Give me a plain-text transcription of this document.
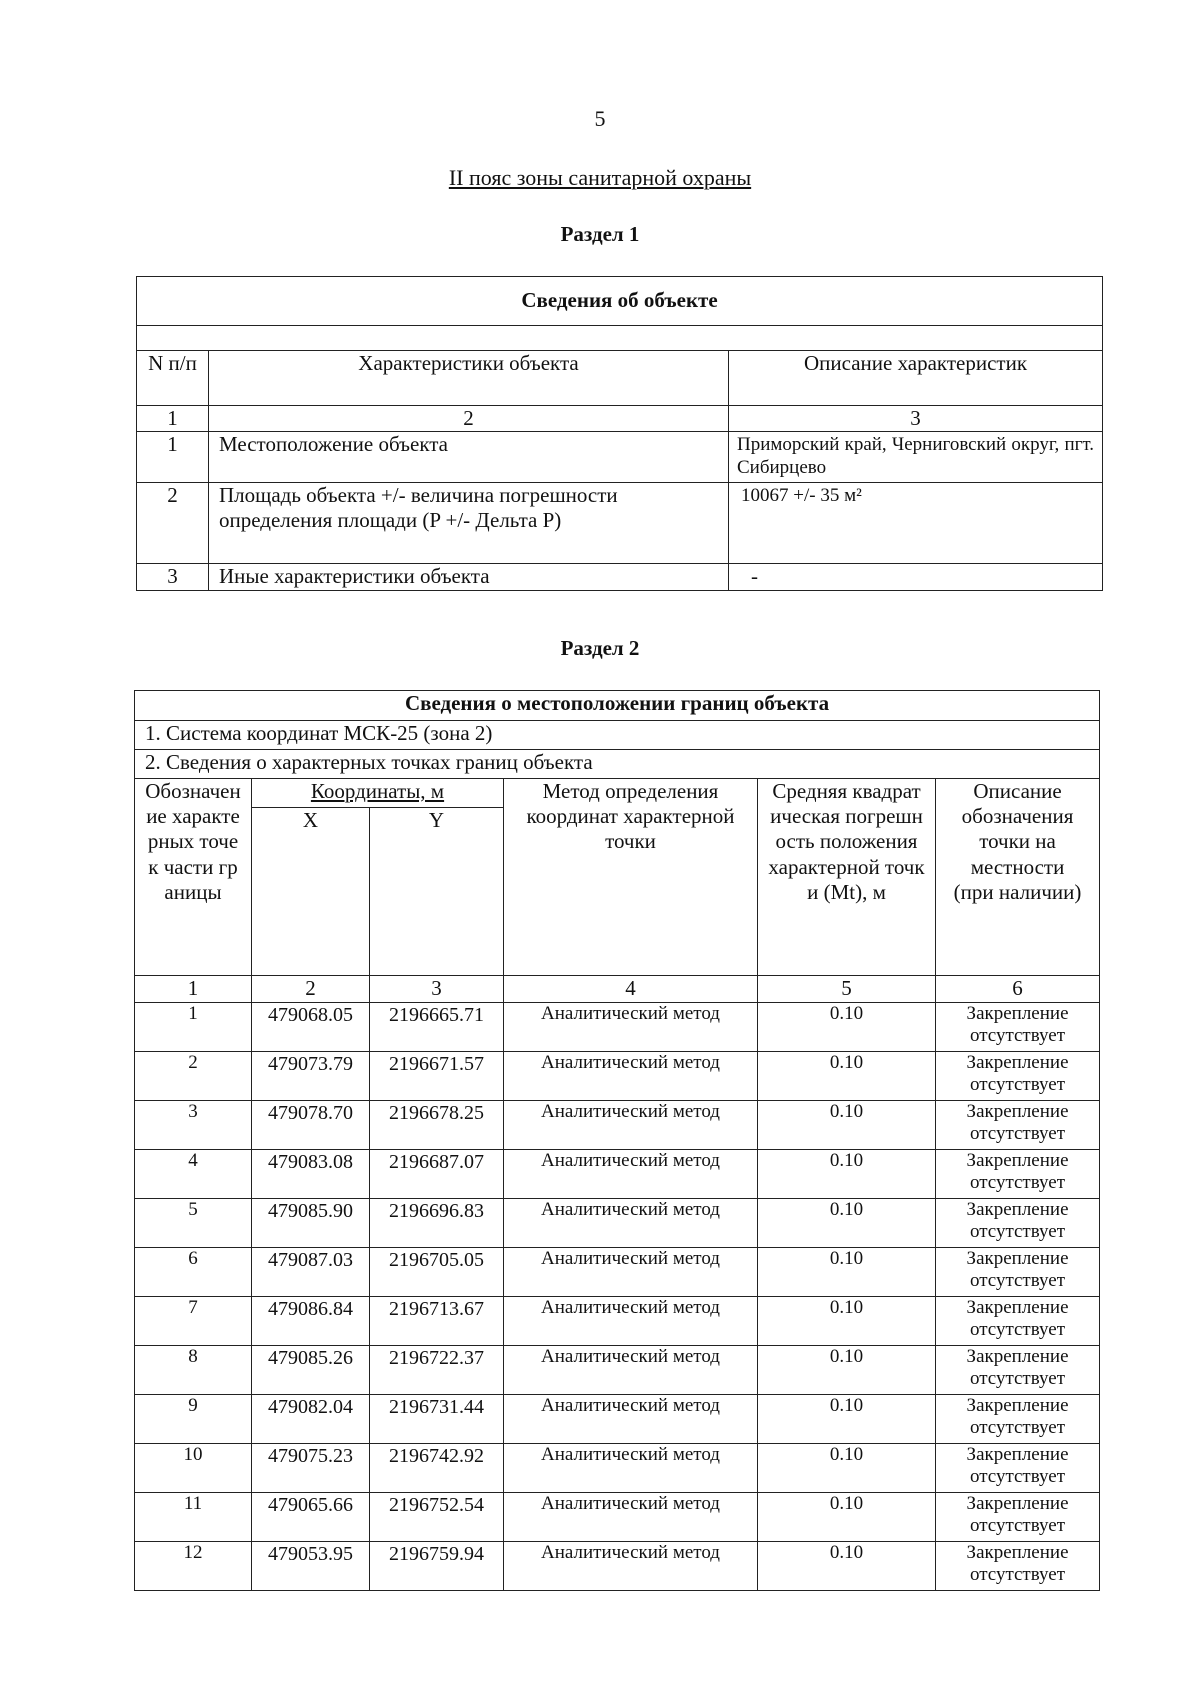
5
II пояс зоны санитарной охраны
Раздел 1
Сведения об объекте		

N п/п	Характеристики объекта	Описание характеристик
1	2	3
1	Местоположение объекта	Приморский край, Черниговский округ, пгт. Сибирцево
2	Площадь объекта +/- величина погрешности определения площади (P +/- Дельта P)	10067 +/- 35 м²
3	Иные характеристики объекта	-
Раздел 2
Сведения о местоположении границ объекта					
1. Система координат МСК-25 (зона 2)					
2. Сведения о характерных точках границ объекта					
Обозначение характерных точек части границы	Координаты, м		Метод определения координат характерной точки	Средняя квадратическая погрешность положения характерной точки (Mt), м	Описание обозначения точки на местности (при наличии)
	X	Y			
1	2	3	4	5	6
1	479068.05	2196665.71	Аналитический метод	0.10	Закрепление отсутствует
2	479073.79	2196671.57	Аналитический метод	0.10	Закрепление отсутствует
3	479078.70	2196678.25	Аналитический метод	0.10	Закрепление отсутствует
4	479083.08	2196687.07	Аналитический метод	0.10	Закрепление отсутствует
5	479085.90	2196696.83	Аналитический метод	0.10	Закрепление отсутствует
6	479087.03	2196705.05	Аналитический метод	0.10	Закрепление отсутствует
7	479086.84	2196713.67	Аналитический метод	0.10	Закрепление отсутствует
8	479085.26	2196722.37	Аналитический метод	0.10	Закрепление отсутствует
9	479082.04	2196731.44	Аналитический метод	0.10	Закрепление отсутствует
10	479075.23	2196742.92	Аналитический метод	0.10	Закрепление отсутствует
11	479065.66	2196752.54	Аналитический метод	0.10	Закрепление отсутствует
12	479053.95	2196759.94	Аналитический метод	0.10	Закрепление отсутствует
